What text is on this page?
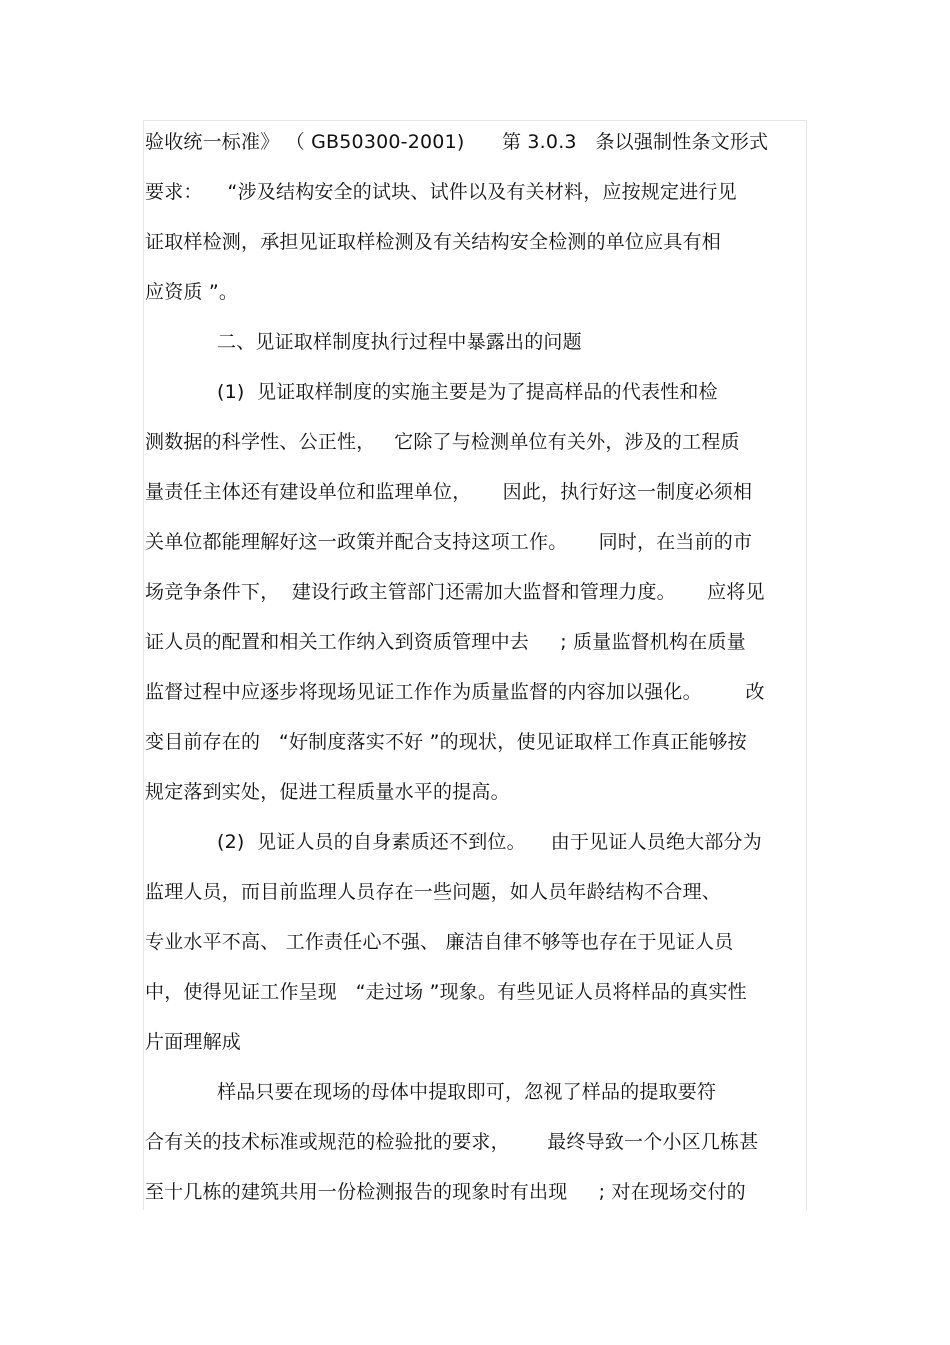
验收统一标准》 （ GB50300-2001)      第 3.0.3   条以强制性条文形式
要求：    “涉及结构安全的试块、试件以及有关材料，应按规定进行见
证取样检测，承担见证取样检测及有关结构安全检测的单位应具有相
应资质 ”。
二、见证取样制度执行过程中暴露出的问题
(1)  见证取样制度的实施主要是为了提高样品的代表性和检
测数据的科学性、公正性，   它除了与检测单位有关外，涉及的工程质
量责任主体还有建设单位和监理单位，     因此，执行好这一制度必须相
关单位都能理解好这一政策并配合支持这项工作。     同时，在当前的市
场竞争条件下，  建设行政主管部门还需加大监督和管理力度。     应将见
证人员的配置和相关工作纳入到资质管理中去     ; 质量监督机构在质量
监督过程中应逐步将现场见证工作作为质量监督的内容加以强化。       改
变目前存在的   “好制度落实不好 ”的现状，使见证取样工作真正能够按
规定落到实处，促进工程质量水平的提高。
(2)  见证人员的自身素质还不到位。    由于见证人员绝大部分为
监理人员，而目前监理人员存在一些问题，如人员年龄结构不合理、
专业水平不高、 工作责任心不强、 廉洁自律不够等也存在于见证人员
中，使得见证工作呈现   “走过场 ”现象。有些见证人员将样品的真实性
片面理解成
样品只要在现场的母体中提取即可，忽视了样品的提取要符
合有关的技术标准或规范的检验批的要求，      最终导致一个小区几栋甚
至十几栋的建筑共用一份检测报告的现象时有出现     ; 对在现场交付的
